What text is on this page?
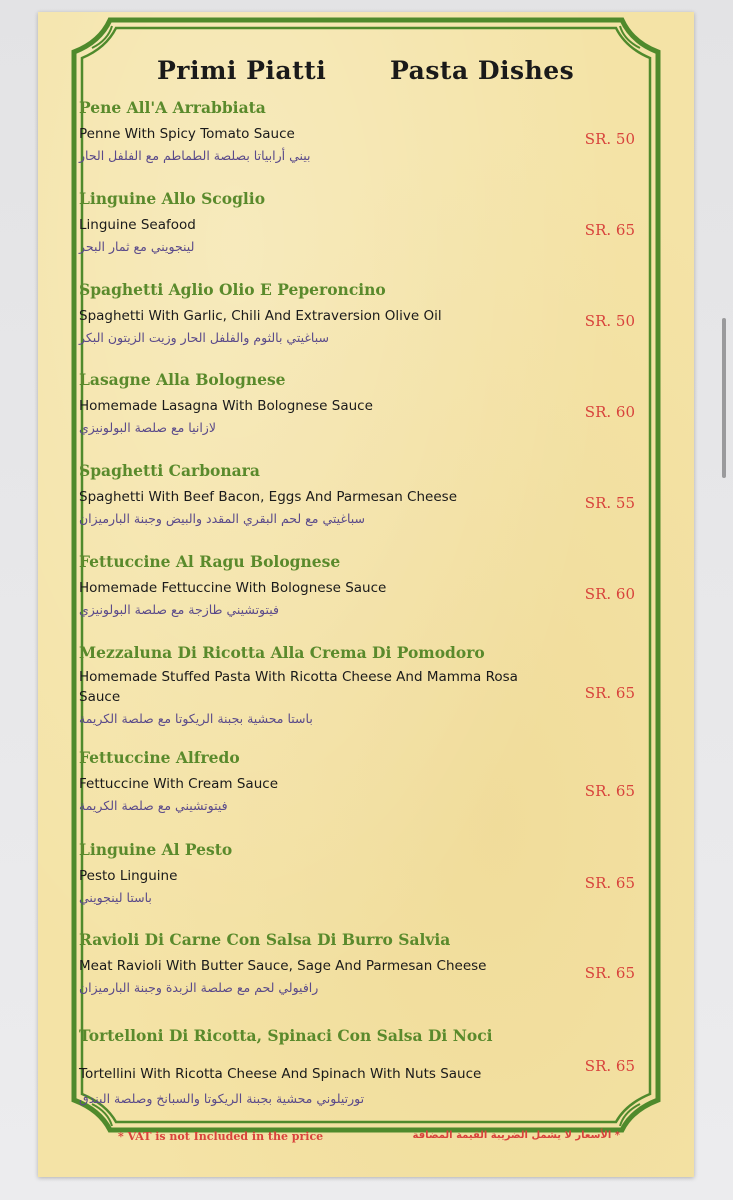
Primi Piatti	Pasta Dishes
Pene All'A Arrabbiata
Penne With Spicy Tomato Sauce
بيني أرابياتا بصلصة الطماطم مع الفلفل الحار
SR. 50
Linguine Allo Scoglio
Linguine Seafood
لينجويني مع ثمار البحر
SR. 65
Spaghetti Aglio Olio E Peperoncino
Spaghetti With Garlic, Chili And Extraversion Olive Oil
سباغيتي بالثوم والفلفل الحار وزيت الزيتون البكر
SR. 50
Lasagne Alla Bolognese
Homemade Lasagna With Bolognese Sauce
لازانيا مع صلصة البولونيزي
SR. 60
Spaghetti Carbonara
Spaghetti With Beef Bacon, Eggs And Parmesan Cheese
سباغيتي مع لحم البقري المقدد والبيض وجبنة البارميزان
SR. 55
Fettuccine Al Ragu Bolognese
Homemade Fettuccine With Bolognese Sauce
فيتوتشيني طازجة مع صلصة البولونيزي
SR. 60
Mezzaluna Di Ricotta Alla Crema Di Pomodoro
Homemade Stuffed Pasta With Ricotta Cheese And Mamma Rosa Sauce
باستا محشية بجبنة الريكوتا مع صلصة الكريمة
SR. 65
Fettuccine Alfredo
Fettuccine With Cream Sauce
فيتوتشيني مع صلصة الكريمة
SR. 65
Linguine Al Pesto
Pesto Linguine
باستا لينجويني
SR. 65
Ravioli Di Carne Con Salsa Di Burro Salvia
Meat Ravioli With Butter Sauce, Sage And Parmesan Cheese
رافيولي لحم مع صلصة الزبدة وجبنة البارميزان
SR. 65
Tortelloni Di Ricotta, Spinaci Con Salsa Di Noci
Tortellini With Ricotta Cheese And Spinach With Nuts Sauce
تورتيلوني محشية بجبنة الريكوتا والسبانخ وصلصة البندق
SR. 65
* VAT is not Included in the price	* الأسعار لا يشمل الضريبة القيمة المضافة
